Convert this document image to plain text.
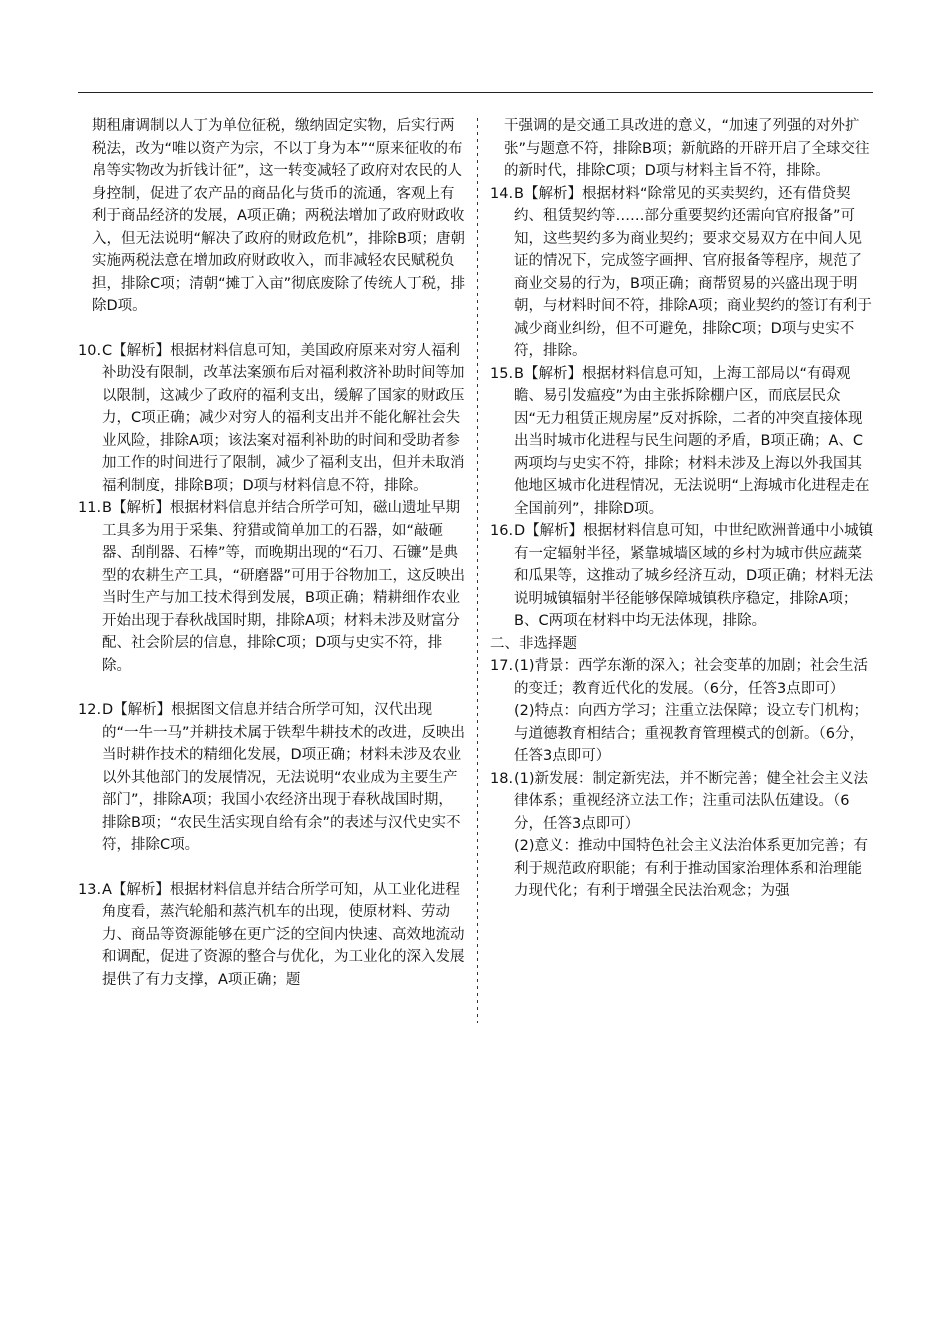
期租庸调制以人丁为单位征税，缴纳固定实物，后实行两税法，改为“唯以资产为宗，不以丁身为本”“原来征收的布帛等实物改为折钱计征”，这一转变减轻了政府对农民的人身控制，促进了农产品的商品化与货币的流通，客观上有利于商品经济的发展，A项正确；两税法增加了政府财政收入，但无法说明“解决了政府的财政危机”，排除B项；唐朝实施两税法意在增加政府财政收入，而非减轻农民赋税负担，排除C项；清朝“摊丁入亩”彻底废除了传统人丁税，排除D项。

10. C【解析】根据材料信息可知，美国政府原来对穷人福利补助没有限制，改革法案颁布后对福利救济补助时间等加以限制，这减少了政府的福利支出，缓解了国家的财政压力，C项正确；减少对穷人的福利支出并不能化解社会失业风险，排除A项；该法案对福利补助的时间和受助者参加工作的时间进行了限制，减少了福利支出，但并未取消福利制度，排除B项；D项与材料信息不符，排除。
11. B【解析】根据材料信息并结合所学可知，磁山遗址早期工具多为用于采集、狩猎或简单加工的石器，如“敲砸器、刮削器、石棒”等，而晚期出现的“石刀、石镰”是典型的农耕生产工具，“研磨器”可用于谷物加工，这反映出当时生产与加工技术得到发展，B项正确；精耕细作农业开始出现于春秋战国时期，排除A项；材料未涉及财富分配、社会阶层的信息，排除C项；D项与史实不符，排除。
12. D【解析】根据图文信息并结合所学可知，汉代出现的“一牛一马”并耕技术属于铁犁牛耕技术的改进，反映出当时耕作技术的精细化发展，D项正确；材料未涉及农业以外其他部门的发展情况，无法说明“农业成为主要生产部门”，排除A项；我国小农经济出现于春秋战国时期，排除B项；“农民生活实现自给有余”的表述与汉代史实不符，排除C项。
13. A【解析】根据材料信息并结合所学可知，从工业化进程角度看，蒸汽轮船和蒸汽机车的出现，使原材料、劳动力、商品等资源能够在更广泛的空间内快速、高效地流动和调配，促进了资源的整合与优化，为工业化的深入发展提供了有力支撑，A项正确；题

干强调的是交通工具改进的意义，“加速了列强的对外扩张”与题意不符，排除B项；新航路的开辟开启了全球交往的新时代，排除C项；D项与材料主旨不符，排除。

14. B【解析】根据材料“除常见的买卖契约，还有借贷契约、租赁契约等……部分重要契约还需向官府报备”可知，这些契约多为商业契约；要求交易双方在中间人见证的情况下，完成签字画押、官府报备等程序，规范了商业交易的行为，B项正确；商帮贸易的兴盛出现于明朝，与材料时间不符，排除A项；商业契约的签订有利于减少商业纠纷，但不可避免，排除C项；D项与史实不符，排除。
15. B【解析】根据材料信息可知，上海工部局以“有碍观瞻、易引发瘟疫”为由主张拆除棚户区，而底层民众因“无力租赁正规房屋”反对拆除，二者的冲突直接体现出当时城市化进程与民生问题的矛盾，B项正确；A、C两项均与史实不符，排除；材料未涉及上海以外我国其他地区城市化进程情况，无法说明“上海城市化进程走在全国前列”，排除D项。
16. D【解析】根据材料信息可知，中世纪欧洲普通中小城镇有一定辐射半径，紧靠城墙区域的乡村为城市供应蔬菜和瓜果等，这推动了城乡经济互动，D项正确；材料无法说明城镇辐射半径能够保障城镇秩序稳定，排除A项；B、C两项在材料中均无法体现，排除。

二、非选择题

17. (1)背景：西学东渐的深入；社会变革的加剧；社会生活的变迁；教育近代化的发展。（6分，任答3点即可）

(2)特点：向西方学习；注重立法保障；设立专门机构；与道德教育相结合；重视教育管理模式的创新。（6分，任答3点即可）

18. (1)新发展：制定新宪法，并不断完善；健全社会主义法律体系；重视经济立法工作；注重司法队伍建设。（6分，任答3点即可）

(2)意义：推动中国特色社会主义法治体系更加完善；有利于规范政府职能；有利于推动国家治理体系和治理能力现代化；有利于增强全民法治观念；为强
